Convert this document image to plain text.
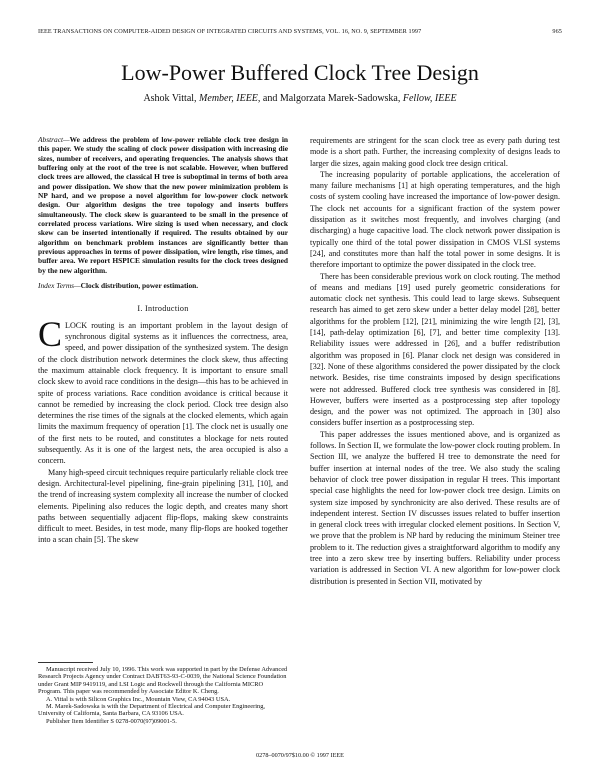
IEEE TRANSACTIONS ON COMPUTER-AIDED DESIGN OF INTEGRATED CIRCUITS AND SYSTEMS, VOL. 16, NO. 9, SEPTEMBER 1997	965
Low-Power Buffered Clock Tree Design
Ashok Vittal, Member, IEEE, and Malgorzata Marek-Sadowska, Fellow, IEEE
Abstract—We address the problem of low-power reliable clock tree design in this paper. We study the scaling of clock power dissipation with increasing die sizes, number of receivers, and operating frequencies. The analysis shows that buffering only at the root of the tree is not scalable. However, when buffered clock trees are allowed, the classical H tree is suboptimal in terms of both area and power dissipation. We show that the new power minimization problem is NP hard, and we propose a novel algorithm for low-power clock network design. Our algorithm designs the tree topology and inserts buffers simultaneously. The clock skew is guaranteed to be small in the presence of correlated process variations. Wire sizing is used when necessary, and clock skew can be inserted intentionally if required. The results obtained by our algorithm on benchmark problem instances are significantly better than previous approaches in terms of power dissipation, wire length, rise times, and buffer area. We report HSPICE simulation results for the clock trees designed by the new algorithm.
Index Terms—Clock distribution, power estimation.
I. Introduction

CLOCK routing is an important problem in the layout design of synchronous digital systems as it influences the correctness, area, speed, and power dissipation of the synthesized system. The design of the clock distribution network determines the clock skew, thus affecting the maximum attainable clock frequency. It is important to ensure small clock skew to avoid race conditions in the design—this has to be achieved in spite of process variations. Race condition avoidance is critical because it cannot be remedied by increasing the clock period. Clock tree design also determines the rise times of the signals at the clocked elements, which again limits the maximum frequency of operation [1]. The clock net is usually one of the first nets to be routed, and constitutes a blockage for nets routed subsequently. As it is one of the largest nets, the area occupied is also a concern.

Many high-speed circuit techniques require particularly reliable clock tree design. Architectural-level pipelining, fine-grain pipelining [31], [10], and the trend of increasing system complexity all increase the number of clocked elements. Pipelining also reduces the logic depth, and creates many short paths between sequentially adjacent flip-flops, making skew constraints difficult to meet. Besides, in test mode, many flip-flops are hooked together into a scan chain [5]. The skew

Manuscript received July 10, 1996. This work was supported in part by the Defense Advanced Research Projects Agency under Contract DABT63-93-C-0039, the National Science Foundation under Grant MIP 9419119, and LSI Logic and Rockwell through the California MICRO Program. This paper was recommended by Associate Editor K. Cheng.

A. Vittal is with Silicon Graphics Inc., Mountain View, CA 94043 USA.

M. Marek-Sadowska is with the Department of Electrical and Computer Engineering, University of California, Santa Barbara, CA 93106 USA.

Publisher Item Identifier S 0278-0070(97)09001-5.

requirements are stringent for the scan clock tree as every path during test mode is a short path. Further, the increasing complexity of designs leads to larger die sizes, again making good clock tree design critical.

The increasing popularity of portable applications, the acceleration of many failure mechanisms [1] at high operating temperatures, and the high costs of system cooling have increased the importance of low-power design. The clock net accounts for a significant fraction of the system power dissipation as it switches most frequently, and involves charging (and discharging) a huge capacitive load. The clock network power dissipation is typically one third of the total power dissipation in CMOS VLSI systems [24], and constitutes more than half the total power in some designs. It is therefore important to optimize the power dissipated in the clock tree.

There has been considerable previous work on clock routing. The method of means and medians [19] used purely geometric considerations for automatic clock net synthesis. This could lead to large skews. Subsequent research has aimed to get zero skew under a better delay model [28], better algorithms for the problem [12], [21], minimizing the wire length [2], [3], [14], path-delay optimization [6], [7], and better time complexity [13]. Reliability issues were addressed in [26], and a buffer redistribution algorithm was proposed in [6]. Planar clock net design was considered in [32]. None of these algorithms considered the power dissipated by the clock network. Besides, rise time constraints imposed by design specifications were not addressed. Buffered clock tree synthesis was considered in [8]. However, buffers were inserted as a postprocessing step after topology design, and the power was not optimized. The approach in [30] also considers buffer insertion as a postprocessing step.

This paper addresses the issues mentioned above, and is organized as follows. In Section II, we formulate the low-power clock routing problem. In Section III, we analyze the buffered H tree to demonstrate the need for buffer insertion at internal nodes of the tree. We also study the scaling behavior of clock tree power dissipation in regular H trees. This important special case highlights the need for low-power clock tree design. Limits on system size imposed by synchronicity are also derived. These results are of independent interest. Section IV discusses issues related to buffer insertion in general clock trees with irregular clocked element positions. In Section V, we prove that the problem is NP hard by reducing the minimum Steiner tree problem to it. The reduction gives a straightforward algorithm to modify any tree into a zero skew tree by inserting buffers. Reliability under process variation is addressed in Section VI. A new algorithm for low-power clock distribution is presented in Section VII, motivated by

0278–0070/97$10.00 © 1997 IEEE
